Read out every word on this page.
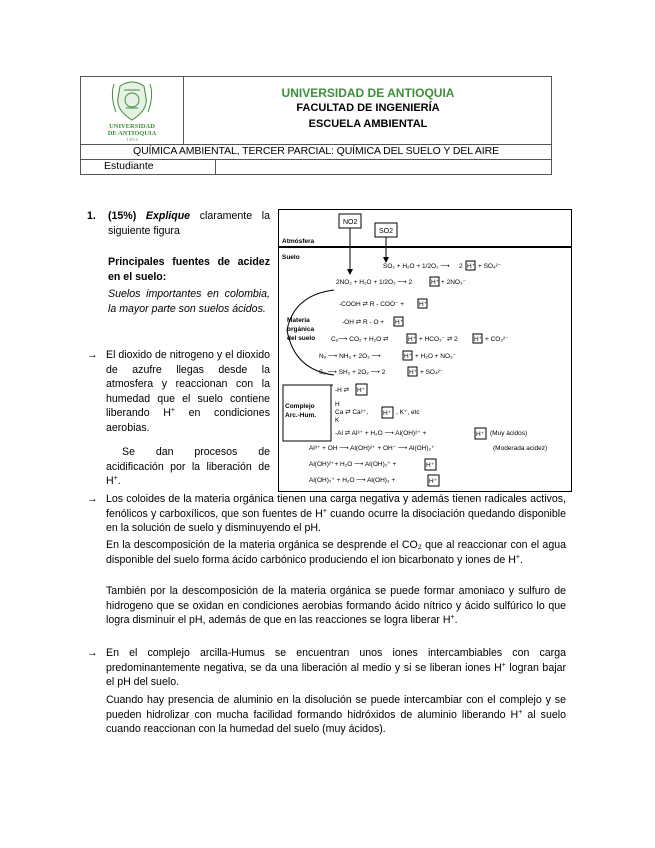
UNIVERSIDAD
DE ANTIOQUIA
1 8 0 3
UNIVERSIDAD DE ANTIOQUIA
FACULTAD DE INGENIERÍA
ESCUELA AMBIENTAL
QUÍMICA AMBIENTAL, TERCER PARCIAL: QUÍMICA DEL SUELO Y DEL AIRE
Estudiante
1. (15%) Explique claramente la siguiente figura
Principales fuentes de acidez en el suelo:
Suelos importantes en colombia, la mayor parte son suelos ácidos.
→ El dioxido de nitrogeno y el dioxido de azufre llegas desde la atmosfera y reaccionan con la humedad que el suelo contiene liberando H+ en condiciones aerobias.
Se dan procesos de acidificación por la liberación de H+.
→ Los coloides de la materia orgánica tienen una carga negativa y además tienen radicales activos, fenólicos y carboxílicos, que son fuentes de H+ cuando ocurre la disociación quedando disponible en la solución de suelo y disminuyendo el pH.
En la descomposición de la materia orgánica se desprende el CO₂ que al reaccionar con el agua disponible del suelo forma ácido carbónico produciendo el ion bicarbonato y iones de H+.
También por la descomposición de la materia orgánica se puede formar amoniaco y sulfuro de hidrogeno que se oxidan en condiciones aerobias formando ácido nítrico y ácido sulfúrico lo que logra disminuir el pH, además de que en las reacciones se logra liberar H+.
→ En el complejo arcilla-Humus se encuentran unos iones intercambiables con carga predominantemente negativa, se da una liberación al medio y si se liberan iones H+ logran bajar el pH del suelo.
Cuando hay presencia de aluminio en la disolución se puede intercambiar con el complejo y se pueden hidrolizar con mucha facilidad formando hidróxidos de aluminio liberando H+ al suelo cuando reaccionan con la humedad del suelo (muy ácidos).
NO2
SO2
Atmósfera
Suelo
SO₂ + H₂O + 1/2O₂ ⟶ 2 H⁺ + SO₄²⁻
2NO₂ + H₂O + 1/2O₂ ⟶ 2	H⁺ + 2NO₃⁻
Materia
orgánica
del suelo
-COOH ⇄ R - COO⁻ + H⁺
-OH ⇄ R - O + H⁺
Cₒ⟶ CO₂ + H₂O ⇄	H⁺ + HCO₃⁻ ⇄ 2 H⁺ + CO₃²⁻
Nₒ ⟶ NH₃ + 2O₂ ⟶	H⁺ + H₂O + NO₃⁻
Sₒ ⟶ SH₂ + 2O₂ ⟶ 2	H⁺ + SO₄²⁻
Complejo
Arc.-Hum.
-H ⇄ H⁺
H
Ca ⇄ Ca²⁺, H⁺ , K⁺, etc
K
-Al ⇄ Al³⁺ + H₂O ⟶ Al(OH)²⁺ +	H⁺ (Muy ácidos)
Al³⁺ + OH ⟶ Al(OH)²⁺ + OH⁻ ⟶ Al(OH)₂⁺	(Moderada acidez)
Al(OH)²⁺+ H₂O ⟶ Al(OH)₂⁺ +	H⁺
Al(OH)₂⁺ + H₂O ⟶ Al(OH)₃ +	H⁺
